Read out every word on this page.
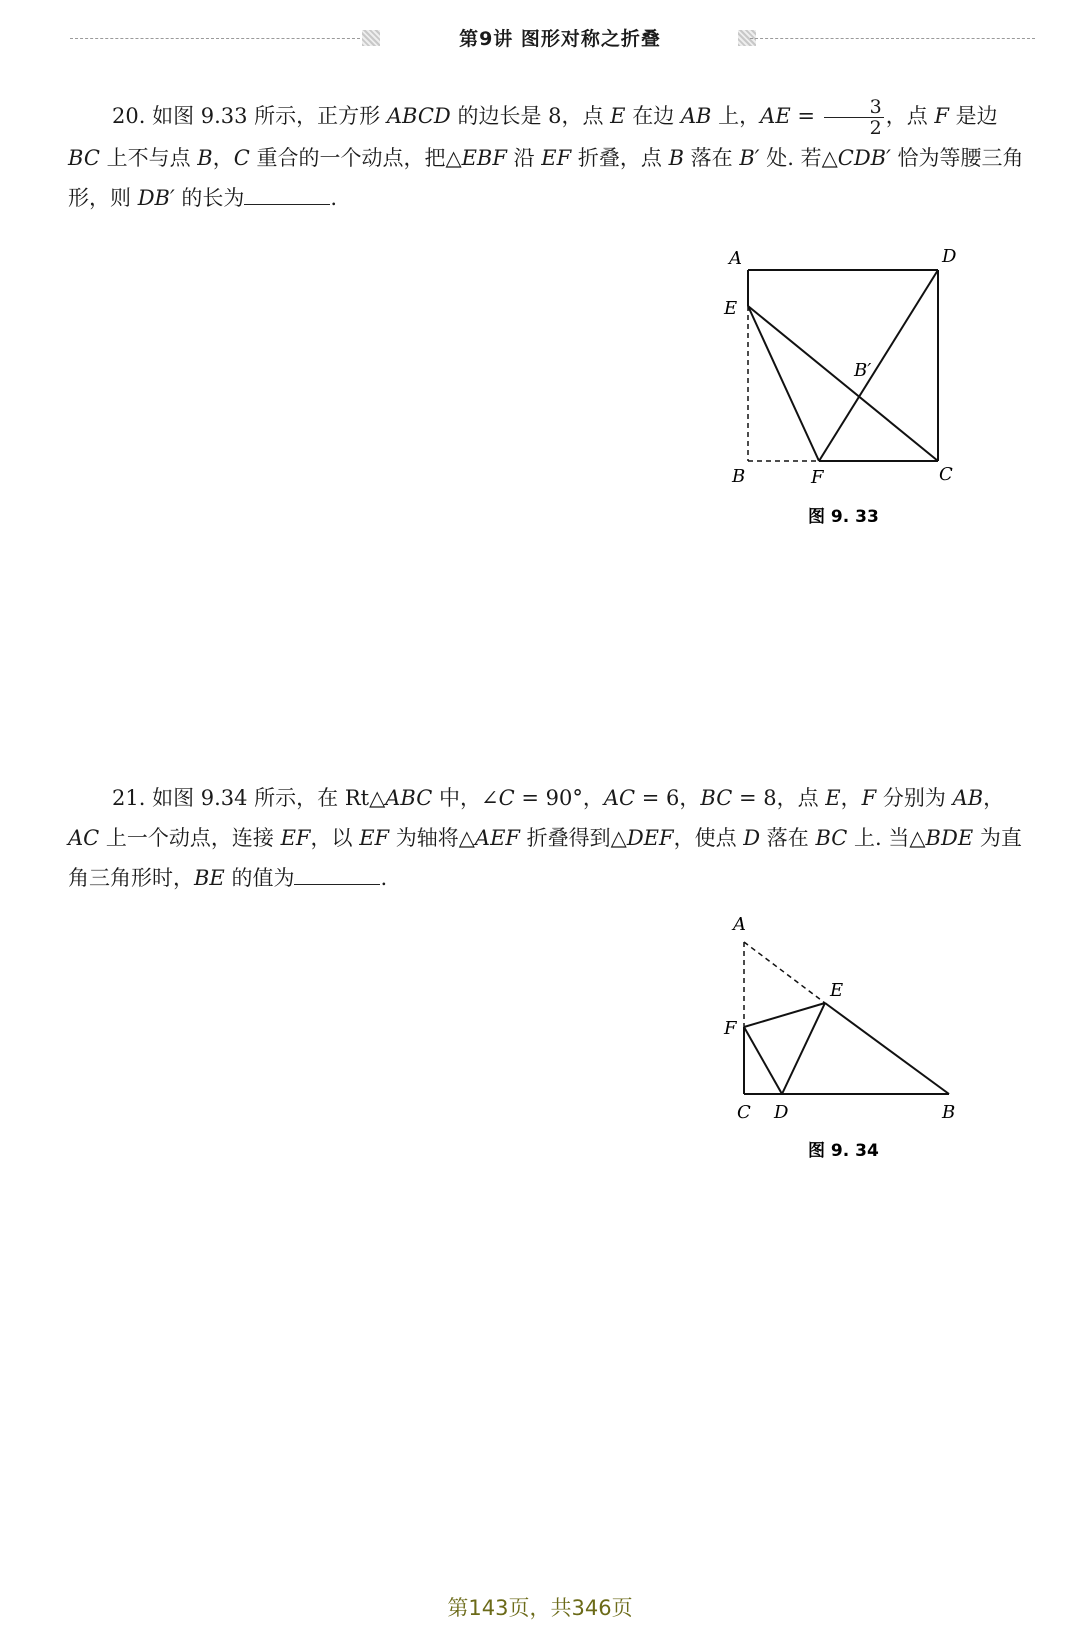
第9讲 图形对称之折叠

20. 如图 9.33 所示，正方形 ABCD 的边长是 8，点 E 在边 AB 上，AE = $\frac{3}{2}$ ，点 F 是边 BC 上不与点 B，C 重合的一个动点，把△EBF 沿 EF 折叠，点 B 落在 B′ 处. 若△CDB′ 恰为等腰三角形，则 DB′ 的长为	.

A	D
E
B′
B	F	C
图 9. 33

21. 如图 9.34 所示，在 Rt△ABC 中，∠C = 90°，AC = 6，BC = 8，点 E，F 分别为 AB，AC 上一个动点，连接 EF，以 EF 为轴将△AEF 折叠得到△DEF，使点 D 落在 BC 上. 当△BDE 为直角三角形时，BE 的值为	.

A
E
F
C D	B
图 9. 34
第143页，共346页
